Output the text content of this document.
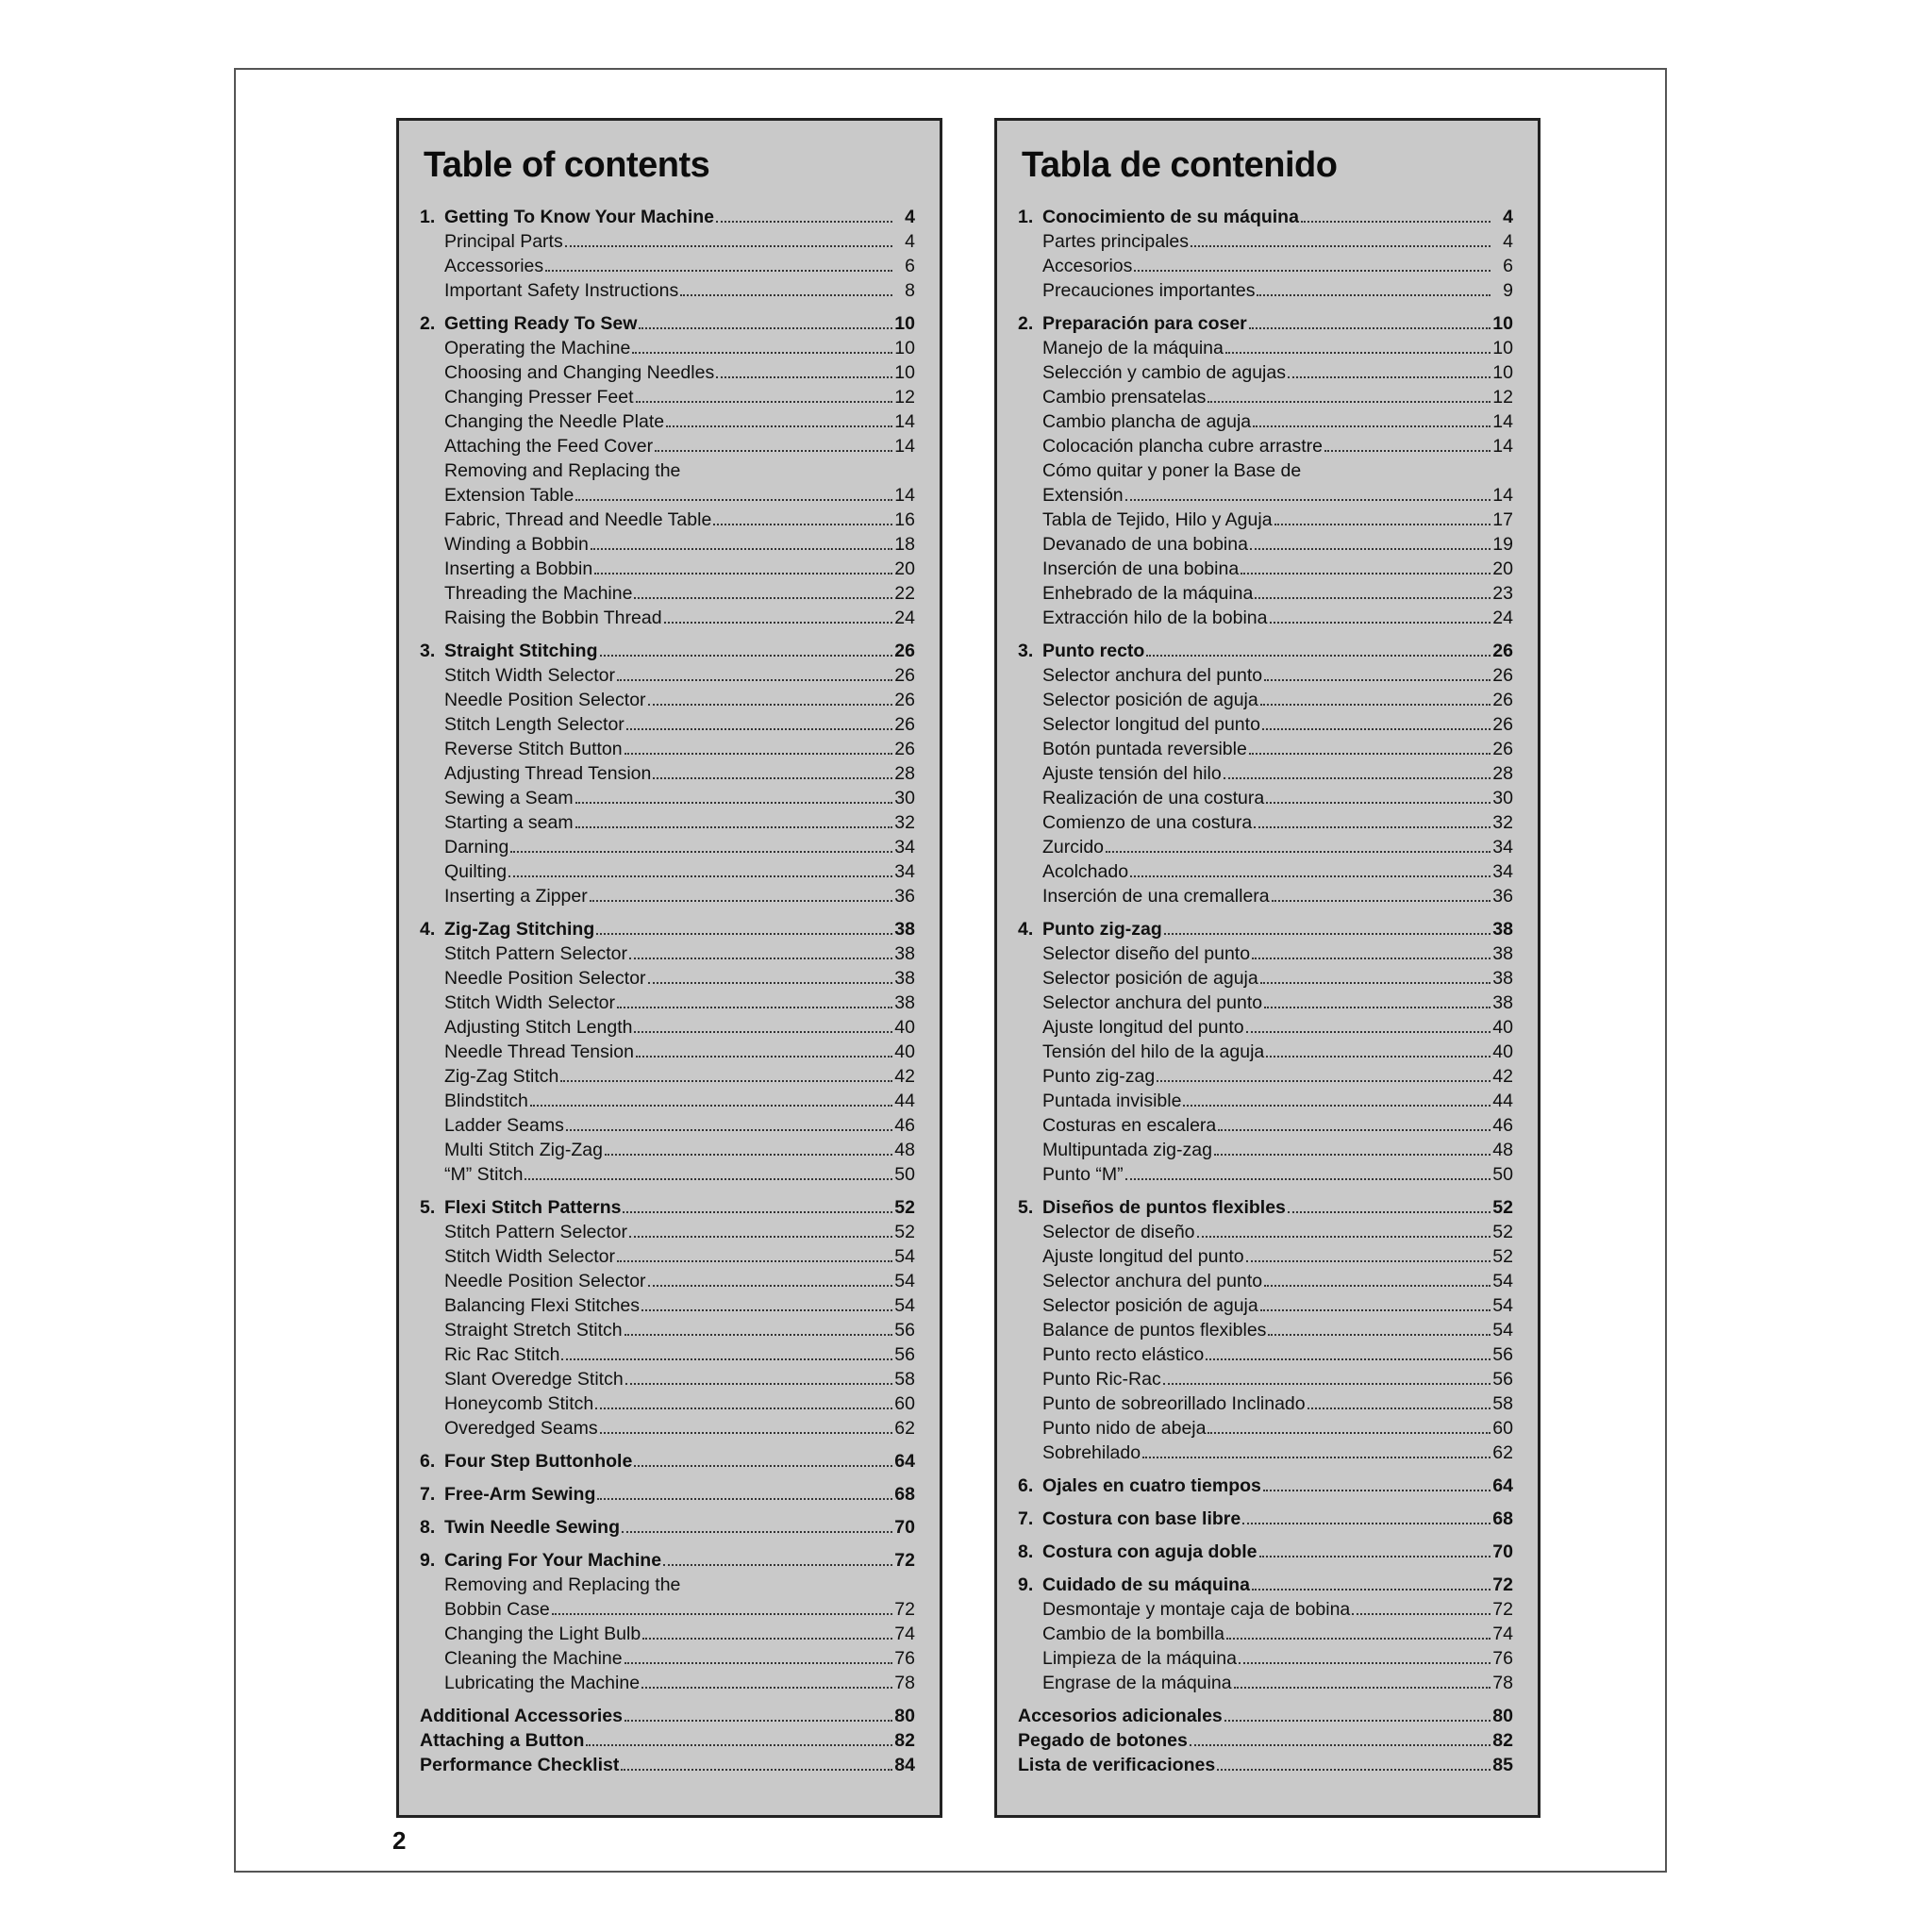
Table of contents
1. Getting To Know Your Machine	4
Principal Parts	4
Accessories	6
Important Safety Instructions	8
2. Getting Ready To Sew	10
Operating the Machine	10
Choosing and Changing Needles	10
Changing Presser Feet	12
Changing the Needle Plate	14
Attaching the Feed Cover	14
Removing and Replacing the
Extension Table	14
Fabric, Thread and Needle Table	16
Winding a Bobbin	18
Inserting a Bobbin	20
Threading the Machine	22
Raising the Bobbin Thread	24
3. Straight Stitching	26
Stitch Width Selector	26
Needle Position Selector	26
Stitch Length Selector	26
Reverse Stitch Button	26
Adjusting Thread Tension	28
Sewing a Seam	30
Starting a seam	32
Darning	34
Quilting	34
Inserting a Zipper	36
4. Zig-Zag Stitching	38
Stitch Pattern Selector	38
Needle Position Selector	38
Stitch Width Selector	38
Adjusting Stitch Length	40
Needle Thread Tension	40
Zig-Zag Stitch	42
Blindstitch	44
Ladder Seams	46
Multi Stitch Zig-Zag	48
“M” Stitch	50
5. Flexi Stitch Patterns	52
Stitch Pattern Selector	52
Stitch Width Selector	54
Needle Position Selector	54
Balancing Flexi Stitches	54
Straight Stretch Stitch	56
Ric Rac Stitch	56
Slant Overedge Stitch	58
Honeycomb Stitch	60
Overedged Seams	62
6. Four Step Buttonhole	64
7. Free-Arm Sewing	68
8. Twin Needle Sewing	70
9. Caring For Your Machine	72
Removing and Replacing the
Bobbin Case	72
Changing the Light Bulb	74
Cleaning the Machine	76
Lubricating the Machine	78
Additional Accessories	80
Attaching a Button	82
Performance Checklist	84
Tabla de contenido
1. Conocimiento de su máquina	4
Partes principales	4
Accesorios	6
Precauciones importantes	9
2. Preparación para coser	10
Manejo de la máquina	10
Selección y cambio de agujas	10
Cambio prensatelas	12
Cambio plancha de aguja	14
Colocación plancha cubre arrastre	14
Cómo quitar y poner la Base de
Extensión	14
Tabla de Tejido, Hilo y Aguja	17
Devanado de una bobina	19
Inserción de una bobina	20
Enhebrado de la máquina	23
Extracción hilo de la bobina	24
3. Punto recto	26
Selector anchura del punto	26
Selector posición de aguja	26
Selector longitud del punto	26
Botón puntada reversible	26
Ajuste tensión del hilo	28
Realización de una costura	30
Comienzo de una costura	32
Zurcido	34
Acolchado	34
Inserción de una cremallera	36
4. Punto zig-zag	38
Selector diseño del punto	38
Selector posición de aguja	38
Selector anchura del punto	38
Ajuste longitud del punto	40
Tensión del hilo de la aguja	40
Punto zig-zag	42
Puntada invisible	44
Costuras en escalera	46
Multipuntada zig-zag	48
Punto “M”	50
5. Diseños de puntos flexibles	52
Selector de diseño	52
Ajuste longitud del punto	52
Selector anchura del punto	54
Selector posición de aguja	54
Balance de puntos flexibles	54
Punto recto elástico	56
Punto Ric-Rac	56
Punto de sobreorillado Inclinado	58
Punto nido de abeja	60
Sobrehilado	62
6. Ojales en cuatro tiempos	64
7. Costura con base libre	68
8. Costura con aguja doble	70
9. Cuidado de su máquina	72
Desmontaje y montaje caja de bobina	72
Cambio de la bombilla	74
Limpieza de la máquina	76
Engrase de la máquina	78
Accesorios adicionales	80
Pegado de botones	82
Lista de verificaciones	85
2
